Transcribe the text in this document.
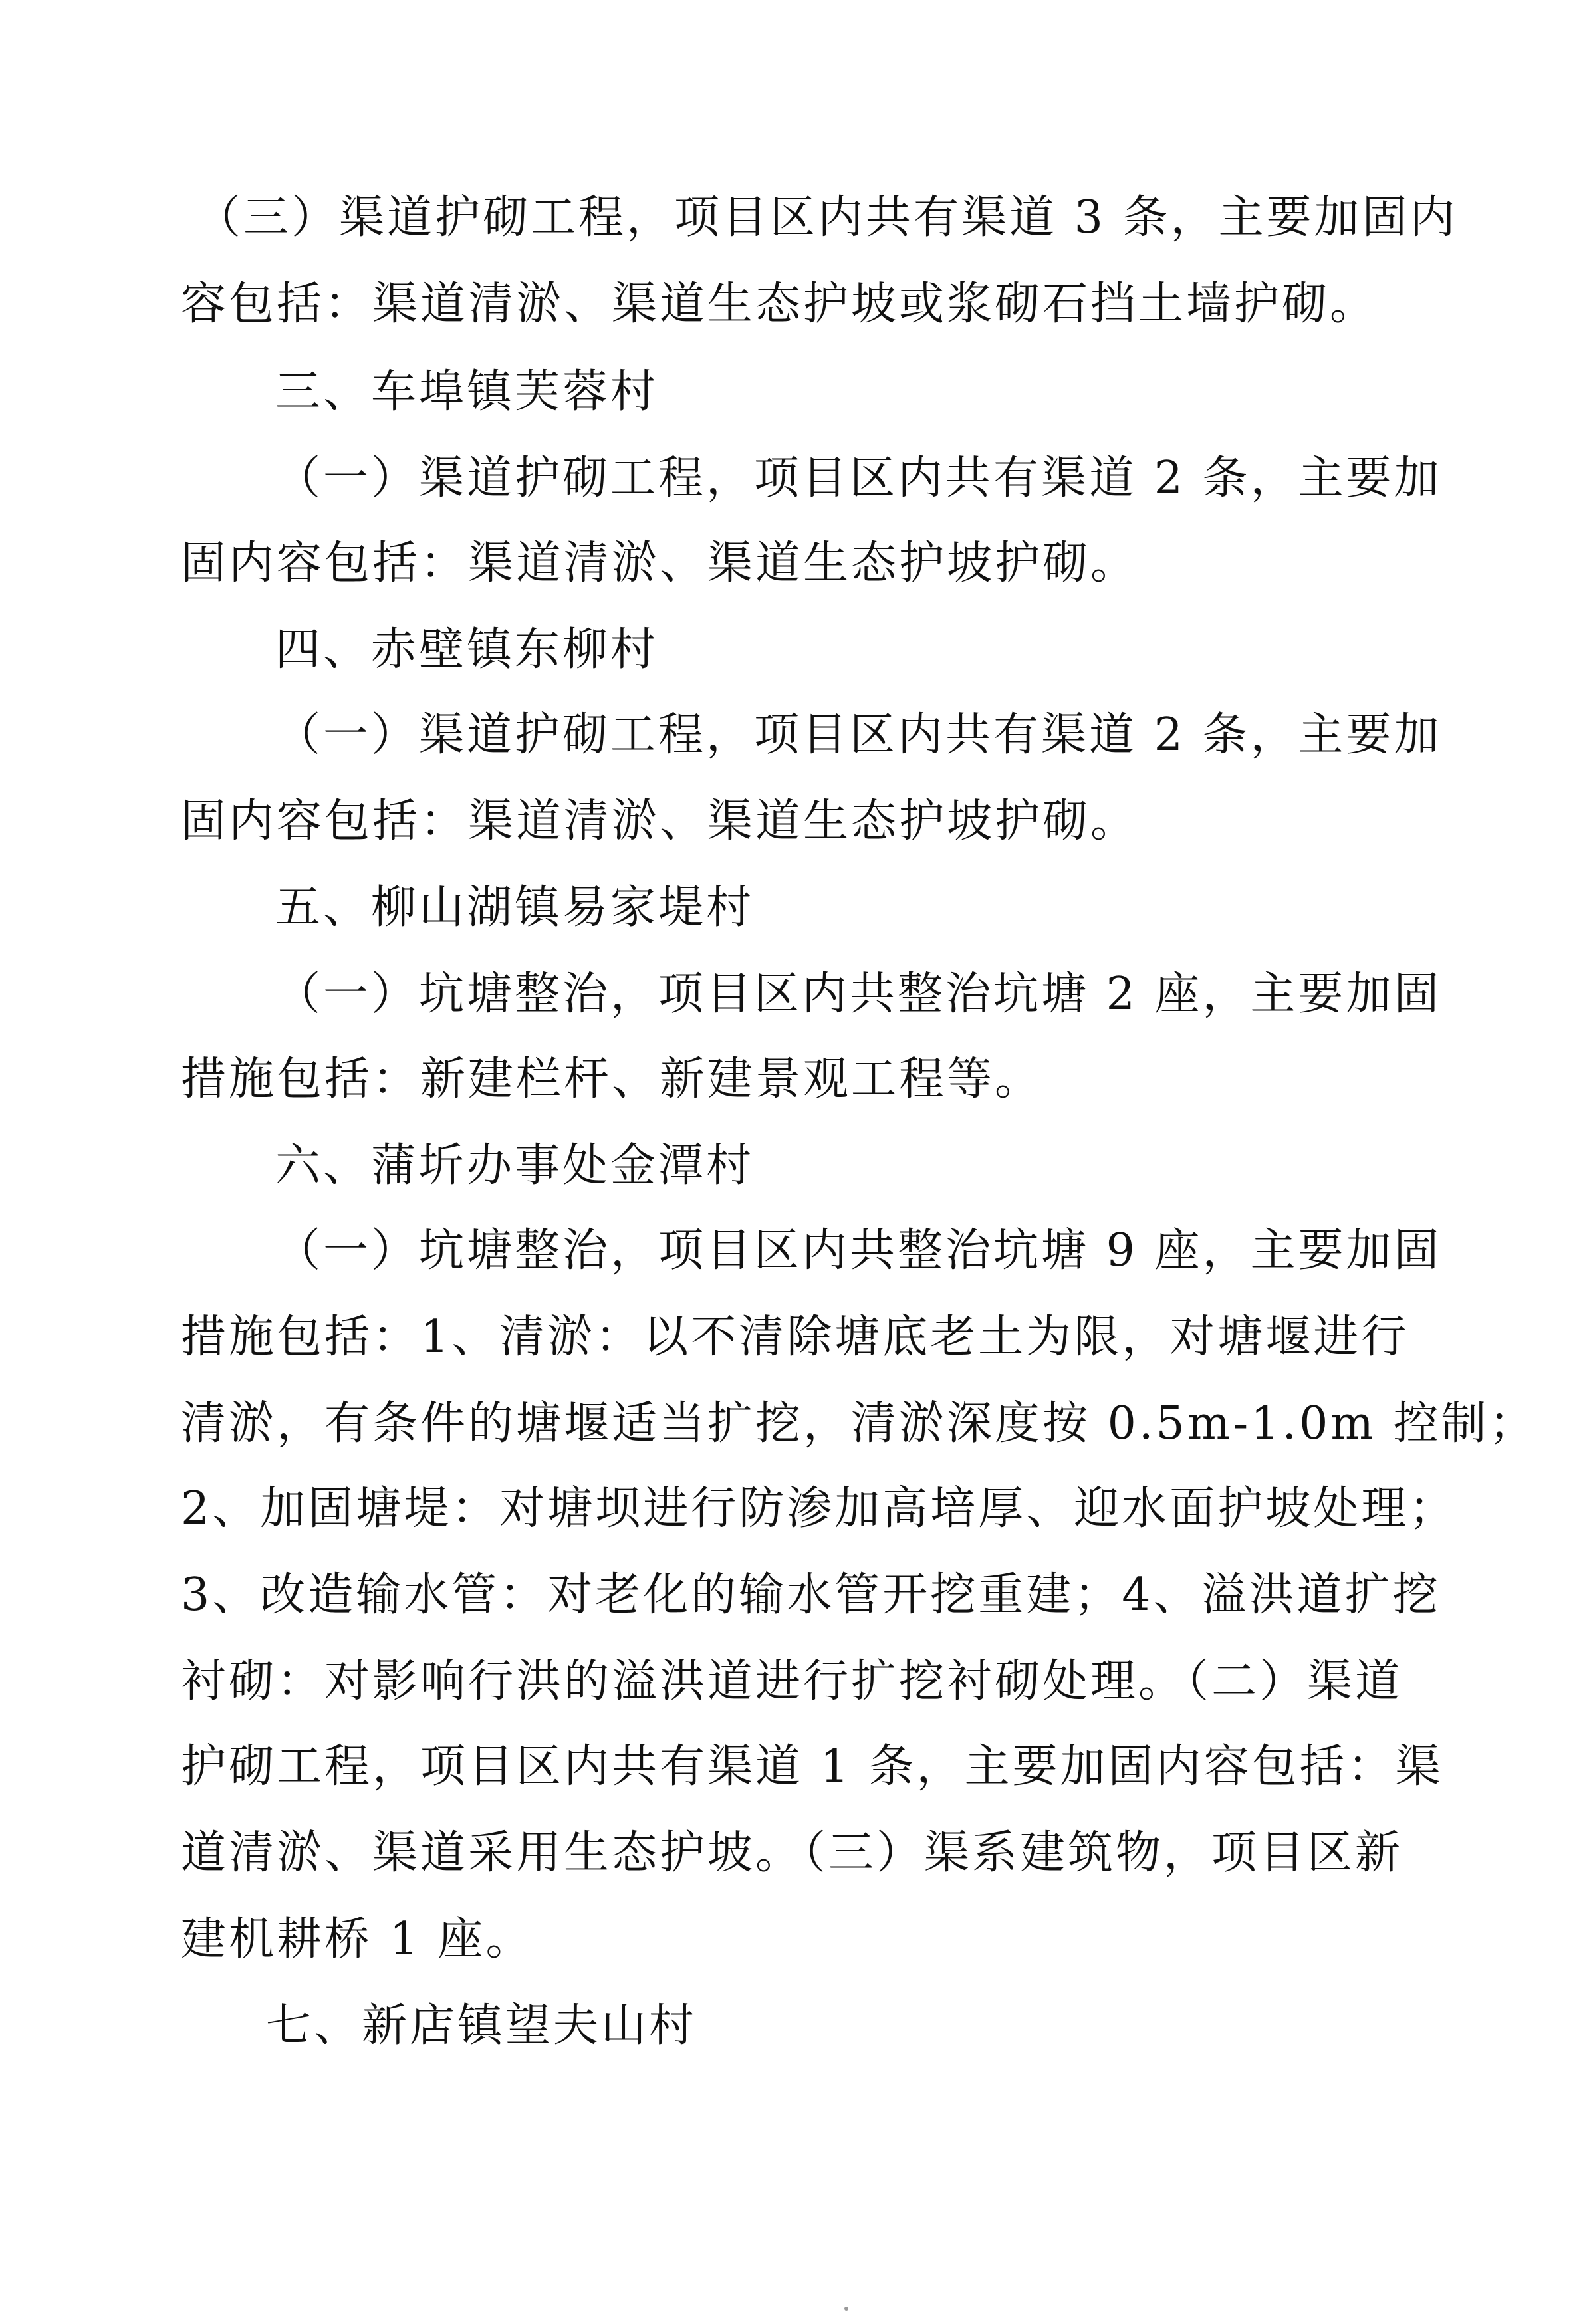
（三）渠道护砌工程，项目区内共有渠道 3 条，主要加固内
容包括：渠道清淤、渠道生态护坡或浆砌石挡土墙护砌。
三、车埠镇芙蓉村
（一）渠道护砌工程，项目区内共有渠道 2 条，主要加
固内容包括：渠道清淤、渠道生态护坡护砌。
四、赤壁镇东柳村
（一）渠道护砌工程，项目区内共有渠道 2 条，主要加
固内容包括：渠道清淤、渠道生态护坡护砌。
五、柳山湖镇易家堤村
（一）坑塘整治，项目区内共整治坑塘 2 座，主要加固
措施包括：新建栏杆、新建景观工程等。
六、蒲圻办事处金潭村
（一）坑塘整治，项目区内共整治坑塘 9 座，主要加固
措施包括：1、清淤：以不清除塘底老土为限，对塘堰进行
清淤，有条件的塘堰适当扩挖，清淤深度按 0.5m-1.0m 控制；
2、加固塘堤：对塘坝进行防渗加高培厚、迎水面护坡处理；
3、改造输水管：对老化的输水管开挖重建；4、溢洪道扩挖
衬砌：对影响行洪的溢洪道进行扩挖衬砌处理。（二）渠道
护砌工程，项目区内共有渠道 1 条，主要加固内容包括：渠
道清淤、渠道采用生态护坡。（三）渠系建筑物，项目区新
建机耕桥 1 座。
七、新店镇望夫山村
